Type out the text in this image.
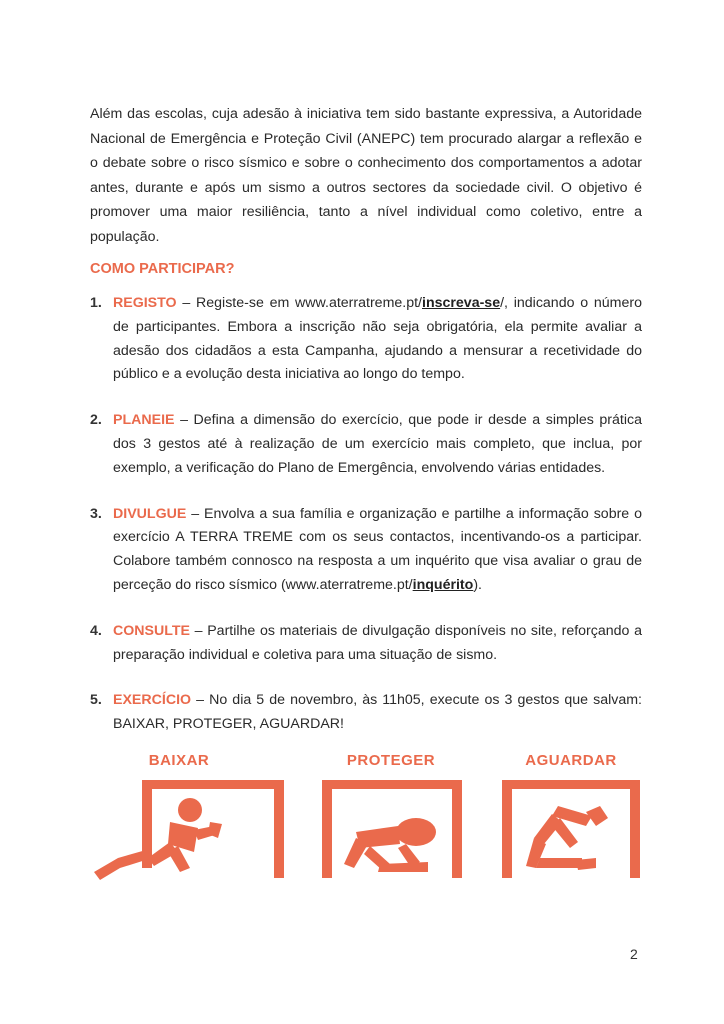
Além das escolas, cuja adesão à iniciativa tem sido bastante expressiva, a Autoridade Nacional de Emergência e Proteção Civil (ANEPC) tem procurado alargar a reflexão e o debate sobre o risco sísmico e sobre o conhecimento dos comportamentos a adotar antes, durante e após um sismo a outros sectores da sociedade civil. O objetivo é promover uma maior resiliência, tanto a nível individual como coletivo, entre a população.

COMO PARTICIPAR?
1. REGISTO – Registe-se em www.aterratreme.pt/inscreva-se/, indicando o número de participantes. Embora a inscrição não seja obrigatória, ela permite avaliar a adesão dos cidadãos a esta Campanha, ajudando a mensurar a recetividade do público e a evolução desta iniciativa ao longo do tempo.
2. PLANEIE – Defina a dimensão do exercício, que pode ir desde a simples prática dos 3 gestos até à realização de um exercício mais completo, que inclua, por exemplo, a verificação do Plano de Emergência, envolvendo várias entidades.
3. DIVULGUE – Envolva a sua família e organização e partilhe a informação sobre o exercício A TERRA TREME com os seus contactos, incentivando-os a participar. Colabore também connosco na resposta a um inquérito que visa avaliar o grau de perceção do risco sísmico (www.aterratreme.pt/inquérito).
4. CONSULTE – Partilhe os materiais de divulgação disponíveis no site, reforçando a preparação individual e coletiva para uma situação de sismo.
5. EXERCÍCIO – No dia 5 de novembro, às 11h05, execute os 3 gestos que salvam: BAIXAR, PROTEGER, AGUARDAR!
BAIXAR	PROTEGER	AGUARDAR
2
